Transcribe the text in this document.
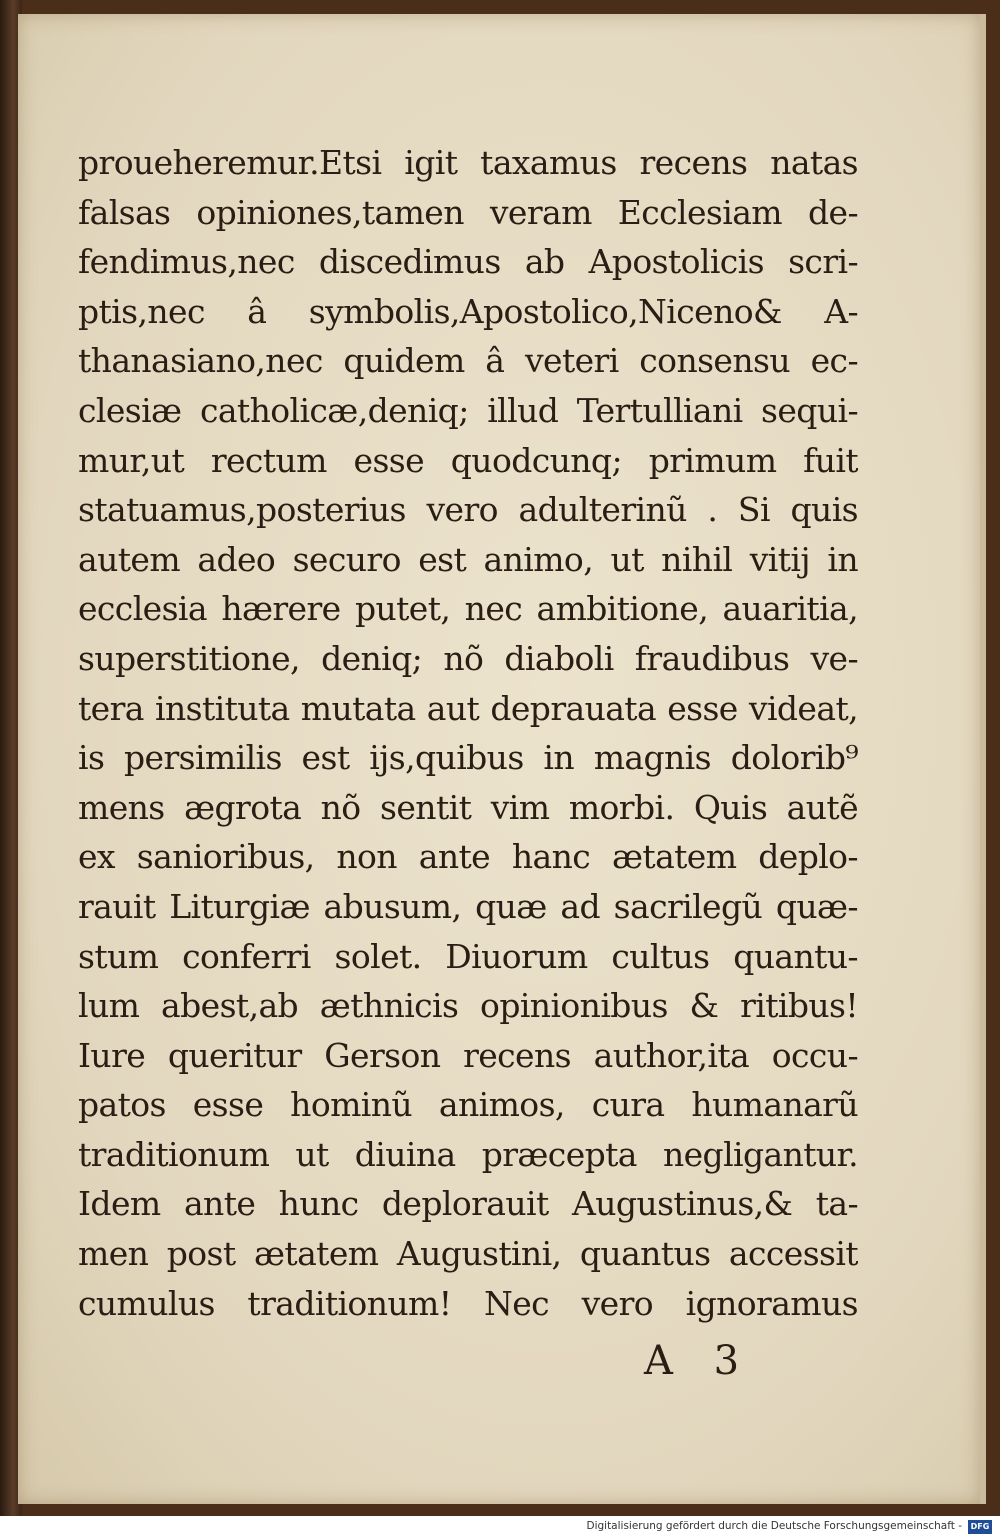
proueheremur.Etsi igit taxamus recens natas
falsas opiniones,tamen veram Ecclesiam de-
fendimus,nec discedimus ab Apostolicis scri-
ptis,nec â symbolis,Apostolico,Niceno& A-
thanasiano,nec quidem â veteri consensu ec-
clesiæ catholicæ,deniq; illud Tertulliani sequi-
mur,ut rectum esse quodcunq; primum fuit
statuamus,posterius vero adulterinũ . Si quis
autem adeo securo est animo, ut nihil vitij in
ecclesia hærere putet, nec ambitione, auaritia,
superstitione, deniq; nõ diaboli fraudibus ve-
tera instituta mutata aut deprauata esse videat,
is persimilis est ijs,quibus in magnis dolorib⁹
mens ægrota nõ sentit vim morbi. Quis autẽ
ex sanioribus, non ante hanc ætatem deplo-
rauit Liturgiæ abusum, quæ ad sacrilegũ quæ-
stum conferri solet. Diuorum cultus quantu-
lum abest,ab æthnicis opinionibus & ritibus!
Iure queritur Gerson recens author,ita occu-
patos esse hominũ animos, cura humanarũ
traditionum ut diuina præcepta negligantur.
Idem ante hunc deplorauit Augustinus,& ta-
men post ætatem Augustini, quantus accessit
cumulus traditionum! Nec vero ignoramus
A 3
Digitalisierung gefördert durch die Deutsche Forschungsgemeinschaft -	DFG
